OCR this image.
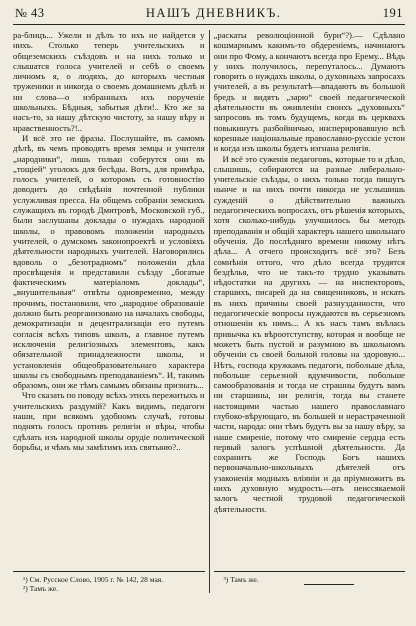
№ 43	НАШЪ ДНЕВНИКЪ.	191

ра-блицъ... Ужели и дѣлъ то ихъ не найдется у нихъ. Столько теперь учительскихъ и общеземскихъ съѣздовъ и на нихъ только и слышатся голоса учителей и себѣ о своемъ личномъ я, о людяхъ, до которыхъ честныя труженики и никогда о своемъ домашнемъ дѣлѣ и ни слова—о избранныхъ ихъ порученіе школьныхъ. Бѣдныя, забытыя дѣти!.. Кто же за насъ-то, за нашу дѣтскую чистоту, за нашу вѣру и нравственность?!..

И всё это не фразы. Послушайте, въ самомъ дѣлѣ, въ чемъ проводятъ время земцы и учителя „народники“, лишь только соберутся они въ „тощіей“ уголокъ для бесѣды. Вотъ, для примѣра, голосъ учителей, о которомъ съ готовностію доводитъ до свѣдѣнія почтенной публики услужливая пресса. На общемъ собраніи земскихъ служащихъ въ городѣ Дмитровѣ, Московской губ., были заслушаны доклады о нуждахъ народной школы, о правовомъ положеніи народныхъ учителей, о думскомъ законопроектѣ и условіяхъ дѣятельности народныхъ учителей. Наговорились вдоволь о „безотрадномъ“ положеніи дѣла просвѣщенія и представили съѣзду „богатые фактическимъ матеріаломъ доклады“, „внушительныя“ отвѣты одновременно, между прочимъ, постановили, что „народное образованіе должно быть реорганизовано на началахъ свободы, демократизаціи и децентрализаціи его путемъ согласія всѣхъ типовъ школъ, а главное путемъ исключенія религіозныхъ элементовъ, какъ обязательной принадлежности школы, и установленія общеобразовательнаго характера школы съ свободнымъ преподаваніемъ“. И, такимъ образомъ, они же тѣмъ самымъ обязаны признать...

Что сказать по поводу всѣхъ этихъ пережитыхъ и учительскихъ раздумій? Какъ видимъ, педагоги наши, при всякомъ удобномъ случаѣ, готовы поднять голосъ противъ религіи и вѣры, чтобы сдѣлать изъ народной школы орудіе политической борьбы, и чѣмъ мы замѣтимъ ихъ святыню?..

¹) См. Русское Слово, 1905 г. № 142, 28 мая.
²) Тамъ же.

„раскаты революціонной бури“?).— Сдѣлано кошмарнымъ какимъ-то обдереніемъ, начинаютъ они про Фому, а кончаютъ всегда про Ерему... Вѣдь у нихъ получилось, перепуталось... Думаютъ говорить о нуждахъ школы, о духовныхъ запросахъ учителей, а въ результатѣ—впадаютъ въ большой бредъ и видятъ „зарю“ своей педагогической дѣятельности въ оживленіи своихъ „духовныхъ“ запросовъ въ томъ будущемъ, когда въ церквахъ повыкинутъ разбойничью, инсперировавшую всѣ коренные національные православно-русскіе устои и когда изъ школы будетъ изгнана религія.

И всё это суженія педагоговъ, которые то и дѣло, слышишь, собираются на разные либерально-учительскіе съѣзды, о нихъ только тогда пишутъ нынче и на нихъ почти никогда не услышишь сужденій о дѣйствительно важныхъ педагогическихъ вопросахъ, отъ рѣшенія которыхъ, хотя сколько-нибудь улучшилось бы методъ преподаванія и общій характеръ нашего школьнаго обученія. До послѣдняго времени никому нѣтъ дѣла... А отчего происходитъ всё это? Безъ сомнѣнія оттого, что дѣло всегда трудятся бездѣлья, что не такъ-то трудно указывать нѣдостатки на другихъ — на инспекторовъ, старшихъ, писарей да на священниковъ, и искать въ нихъ причины своей разнузданности, что педагогическіе вопросы нуждаются въ серьезномъ отношеніи къ нимъ... А къ насъ тамъ въѣлась привычка къ вѣроотступству, которая и вообще не можетъ быть пустой и разумною въ школьномъ обученіи съ своей больной головы на здоровую... Нѣтъ, господа кружкамъ педагоги, побольше дѣла, побольше серьезной вдумчивости, побольше самообразованія и тогда не страшны будутъ вамъ ни старшины, ни религія, тогда вы станете настоящими частью нашего православнаго глубоко-вѣрующаго, въ большей и нерастраченной части, народа: они тѣмъ будутъ вы за нашу вѣру, за наше смиреніе, потому что смиреніе сердца есть первый залогъ успѣшной дѣятельности. Да сохранитъ же Господь Богъ нашихъ первоначально-школьныхъ дѣятелей отъ узаконенія модныхъ вліяніи и да пріумножитъ въ нихъ духовную мудрость—отъ неиссякаемой залогъ честной трудовой педагогической дѣятельности.

³) Тамъ же.
